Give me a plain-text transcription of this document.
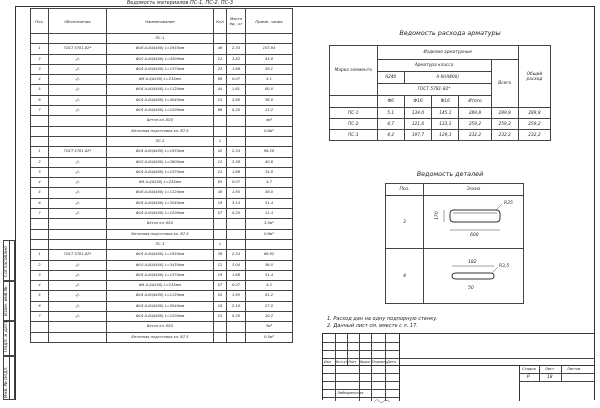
Согласовано
Взам. инв.№
Подп. и дата
Инв. № подл.
Ведомость материалов ПС-1, ПС-2, ПС-3
Поз.	Обозначение	Наименование	Кол	Масса ед., кг	Приме- чание
		ПС-1			
1	ГОСТ 5781-82*	Ф16 А-III(А400) L=1935мм	46	2.34	107.64
2	-//-	Ф10 А-III(А400) L=4300мм	12	3.82	45.8
3	-//-	Ф16 А-III(А400) L=1370мм	23	1.66	38.1
4	-//-	Ф6 А-I(А240) L=232мм	69	0.07	5.1
5	-//-	Ф16 А-III(А400) L=1120мм	44	1.81	80.0
6	-//-	Ф16 А-III(А400) L=4040мм	15	2.60	36.0
7	-//-	Ф16 А-III(А400) L=1200мм	66	0.20	13.2
		Бетон кл. В25			4м³
		Бетонная подготовка кл. В7.5			0.6м³
		ПС-2	1		
1	ГОСТ 5781-82*	Ф16 А-III(А400) L=1935мм	42	2.34	98.28
2	-//-	Ф10 А-III(А400) L=3800мм	12	3.38	40.6
3	-//-	Ф16 А-III(А400) L=1370мм	21	1.66	34.8
4	-//-	Ф6 А-I(А240) L=232мм	63	0.07	4.7
5	-//-	Ф16 А-III(А400) L=1120мм	38	1.95	38.0
6	-//-	Ф16 А-III(А400) L=3540мм	18	3.14	31.4
7	-//-	Ф16 А-III(А400) L=1200мм	57	0.20	11.4
		Бетон кл. В25			3.5м³
		Бетонная подготовка кл. В7.5			0.6м³
		ПС-3	1		
1	ГОСТ 5781-82*	Ф16 А-III(А400) L=1935мм	38	2.34	88.92
2	-//-	Ф10 А-III(А400) L=3430мм	12	3.04	36.5
3	-//-	Ф16 А-III(А400) L=1370мм	19	1.66	31.4
4	-//-	Ф6 А-I(А240) L=232мм	57	0.07	4.2
5	-//-	Ф16 А-III(А400) L=1120мм	55	1.95	81.2
6	-//-	Ф16 А-III(А400) L=3040мм	18	2.10	27.0
7	-//-	Ф16 А-III(А400) L=1200мм	51	0.20	10.2
		Бетон кл. В25			3м³
		Бетонная подготовка кл. В7.5			0.5м³
Ведомость расхода арматуры
Марка элемента	Изделия арматурные					Общий расход
	Арматура класса				Всего	
	А240	А-III(А400)				
	ГОСТ 5781-82*					
	Ф6	Ф10	Ф16	Итого		
ПС-1	5.1	139.0	145.1	289,8	289,8	289,8
ПС-2	4,7	121,6	133,1	259,2	259,2	259,2
ПС-3	4,2	197,7	129,3	232,2	232,2	232,2
Ведомость деталей
Поз.	Эскиз
3	R35
170
600

4	182
R3,5
50
1. Расход дан на одну подпорную стенку.
2. Данный лист см. вместе с л. 17.
Изм Кол.уч Лист №док Подпись Дата
Лебединских
Стадия	Лист	Листов
Р	18
